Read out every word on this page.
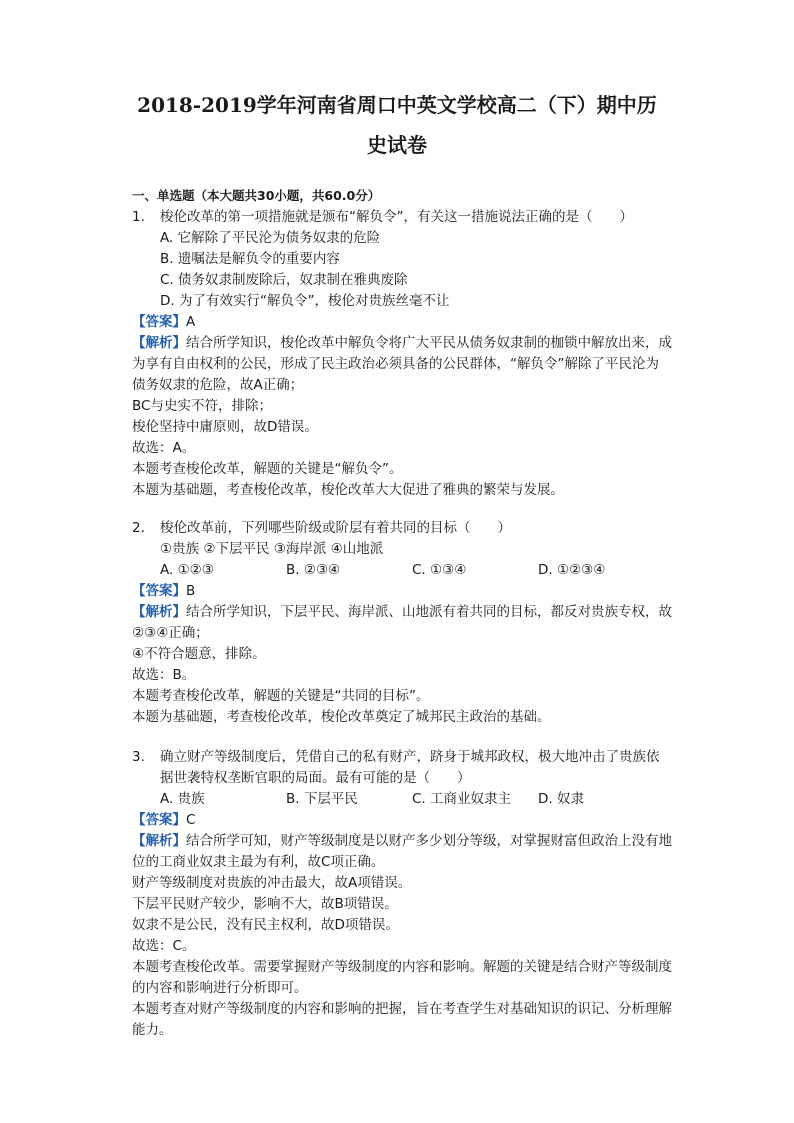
2018-2019学年河南省周口中英文学校高二（下）期中历
史试卷
一、单选题（本大题共30小题，共60.0分）
1.	梭伦改革的第一项措施就是颁布“解负令”，有关这一措施说法正确的是（　　）
A. 它解除了平民沦为债务奴隶的危险
B. 遗嘱法是解负令的重要内容
C. 债务奴隶制废除后，奴隶制在雅典废除
D. 为了有效实行“解负令”，梭伦对贵族丝毫不让
【答案】A
【解析】结合所学知识，梭伦改革中解负令将广大平民从债务奴隶制的枷锁中解放出来，成为享有自由权利的公民，形成了民主政治必须具备的公民群体，“解负令”解除了平民沦为债务奴隶的危险，故A正确；
BC与史实不符，排除；
梭伦坚持中庸原则，故D错误。
故选：A。
本题考查梭伦改革，解题的关键是“解负令”。
本题为基础题，考查梭伦改革，梭伦改革大大促进了雅典的繁荣与发展。
2.	梭伦改革前，下列哪些阶级或阶层有着共同的目标（　　）
①贵族 ②下层平民 ③海岸派 ④山地派
A. ①②③	B. ②③④	C. ①③④	D. ①②③④
【答案】B
【解析】结合所学知识，下层平民、海岸派、山地派有着共同的目标，都反对贵族专权，故②③④正确；
④不符合题意，排除。
故选：B。
本题考查梭伦改革，解题的关键是“共同的目标”。
本题为基础题，考查梭伦改革，梭伦改革奠定了城邦民主政治的基础。
3.	确立财产等级制度后，凭借自己的私有财产，跻身于城邦政权，极大地冲击了贵族依据世袭特权垄断官职的局面。最有可能的是（　　）
A. 贵族	B. 下层平民	C. 工商业奴隶主	D. 奴隶
【答案】C
【解析】结合所学可知，财产等级制度是以财产多少划分等级，对掌握财富但政治上没有地位的工商业奴隶主最为有利，故C项正确。
财产等级制度对贵族的冲击最大，故A项错误。
下层平民财产较少，影响不大，故B项错误。
奴隶不是公民，没有民主权利，故D项错误。
故选：C。
本题考查梭伦改革。需要掌握财产等级制度的内容和影响。解题的关键是结合财产等级制度的内容和影响进行分析即可。
本题考查对财产等级制度的内容和影响的把握，旨在考查学生对基础知识的识记、分析理解能力。
